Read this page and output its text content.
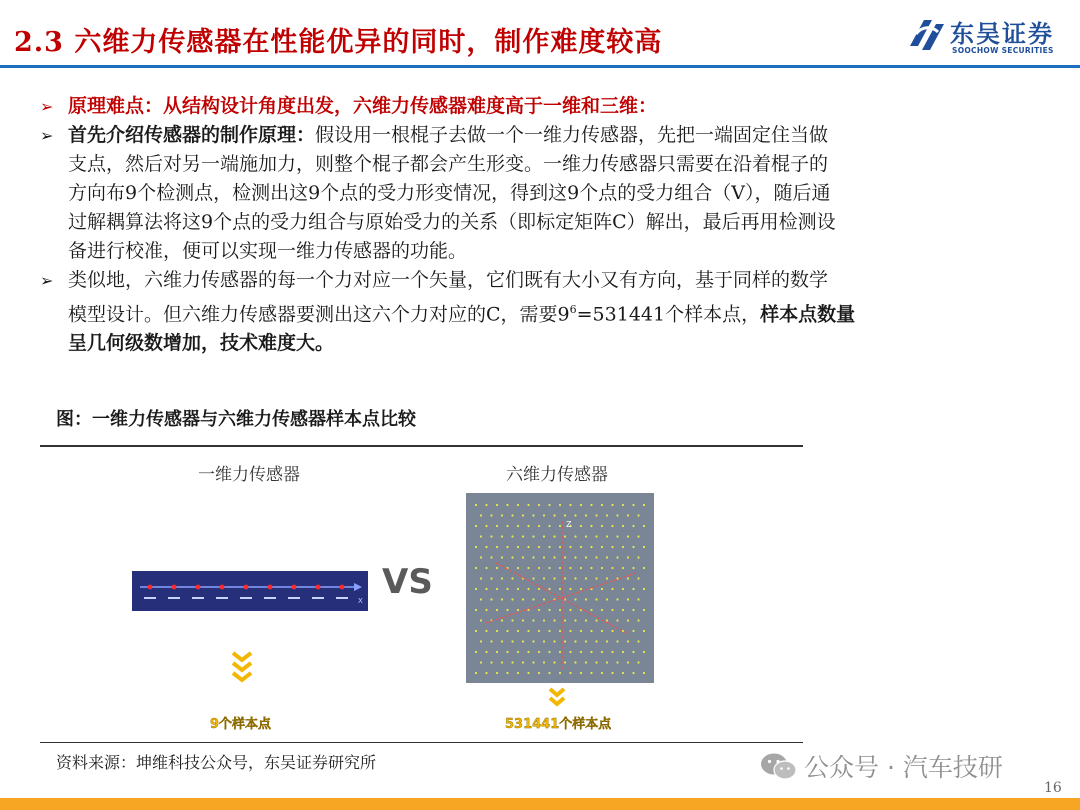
2.3 六维力传感器在性能优异的同时，制作难度较高	东吴证券
SOOCHOW SECURITIES
➢ 原理难点：从结构设计角度出发，六维力传感器难度高于一维和三维：
➢ 首先介绍传感器的制作原理：假设用一根棍子去做一个一维力传感器，先把一端固定住当做
支点，然后对另一端施加力，则整个棍子都会产生形变。一维力传感器只需要在沿着棍子的
方向布9个检测点，检测出这9个点的受力形变情况，得到这9个点的受力组合（V），随后通
过解耦算法将这9个点的受力组合与原始受力的关系（即标定矩阵C）解出，最后再用检测设
备进行校准，便可以实现一维力传感器的功能。
➢ 类似地，六维力传感器的每一个力对应一个矢量，它们既有大小又有方向，基于同样的数学
模型设计。但六维力传感器要测出这六个力对应的C，需要$9^6=531441$个样本点，样本点数量
呈几何级数增加，技术难度大。
图：一维力传感器与六维力传感器样本点比较
一维力传感器	六维力传感器
X VS
Z
9个样本点	531441个样本点
资料来源：坤维科技公众号，东吴证券研究所	公众号 · 汽车技研
16
